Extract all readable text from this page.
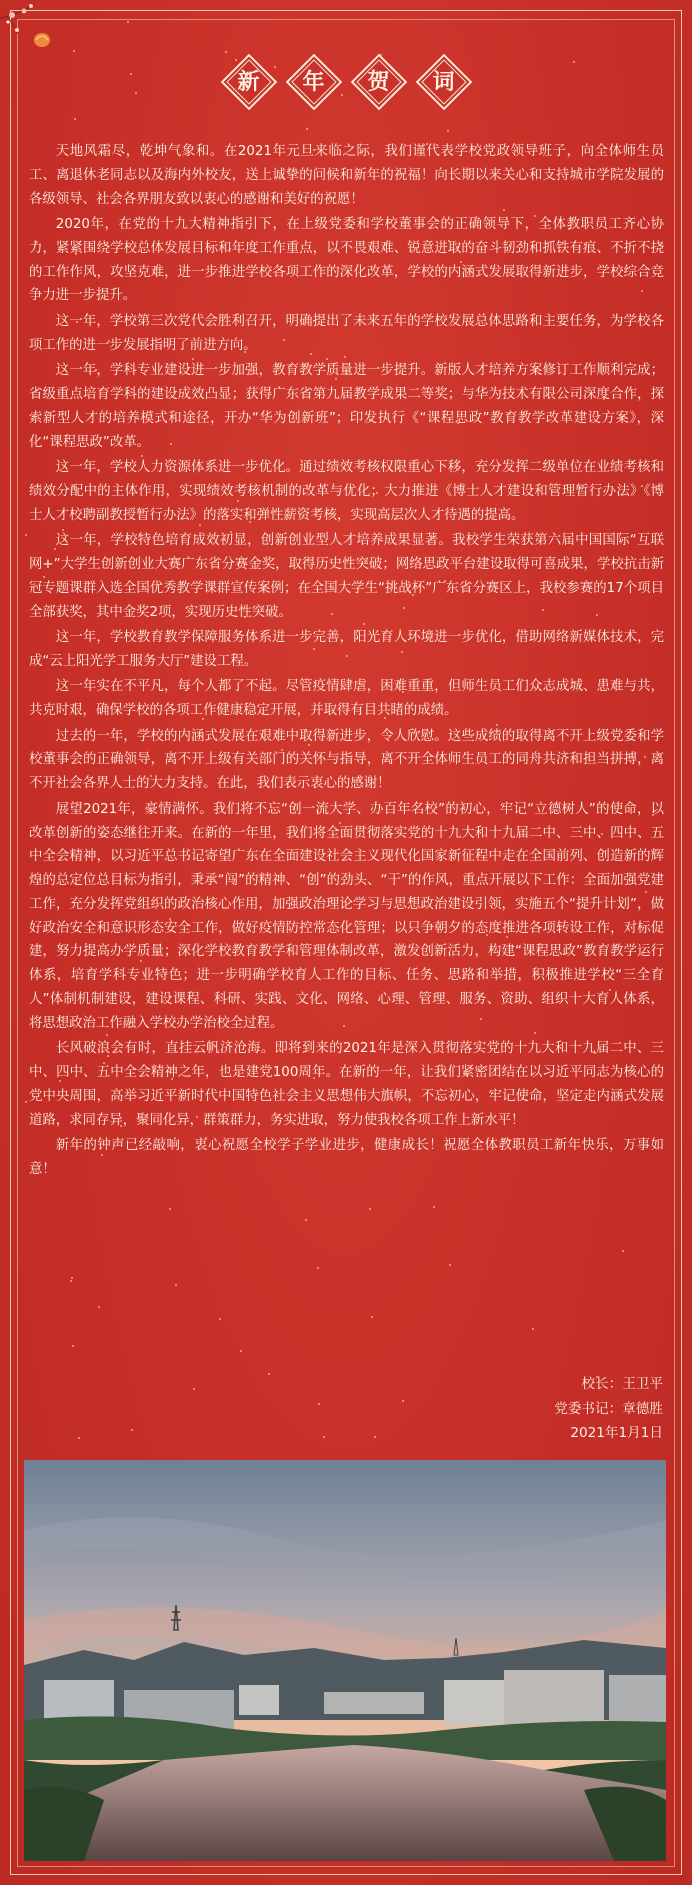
新	年	贺	词

天地风霜尽，乾坤气象和。在2021年元旦来临之际，我们谨代表学校党政领导班子，向全体师生员工、离退休老同志以及海内外校友，送上诚挚的问候和新年的祝福！向长期以来关心和支持城市学院发展的各级领导、社会各界朋友致以衷心的感谢和美好的祝愿！

2020年，在党的十九大精神指引下，在上级党委和学校董事会的正确领导下，全体教职员工齐心协力，紧紧围绕学校总体发展目标和年度工作重点，以不畏艰难、锐意进取的奋斗韧劲和抓铁有痕、不折不挠的工作作风，攻坚克难，进一步推进学校各项工作的深化改革，学校的内涵式发展取得新进步，学校综合竞争力进一步提升。

这一年，学校第三次党代会胜利召开，明确提出了未来五年的学校发展总体思路和主要任务，为学校各项工作的进一步发展指明了前进方向。

这一年，学科专业建设进一步加强，教育教学质量进一步提升。新版人才培养方案修订工作顺利完成；省级重点培育学科的建设成效凸显；获得广东省第九届教学成果二等奖；与华为技术有限公司深度合作，探索新型人才的培养模式和途径，开办“华为创新班”；印发执行《“课程思政”教育教学改革建设方案》，深化“课程思政”改革。

这一年，学校人力资源体系进一步优化。通过绩效考核权限重心下移，充分发挥二级单位在业绩考核和绩效分配中的主体作用，实现绩效考核机制的改革与优化；大力推进《博士人才建设和管理暂行办法》《博士人才校聘副教授暂行办法》的落实和弹性薪资考核，实现高层次人才待遇的提高。

这一年，学校特色培育成效初显，创新创业型人才培养成果显著。我校学生荣获第六届中国国际“互联网+”大学生创新创业大赛广东省分赛金奖，取得历史性突破；网络思政平台建设取得可喜成果，学校抗击新冠专题课群入选全国优秀教学课群宣传案例；在全国大学生“挑战杯”广东省分赛区上，我校参赛的17个项目全部获奖，其中金奖2项，实现历史性突破。

这一年，学校教育教学保障服务体系进一步完善，阳光育人环境进一步优化，借助网络新媒体技术，完成“云上阳光学工服务大厅”建设工程。

这一年实在不平凡，每个人都了不起。尽管疫情肆虐，困难重重，但师生员工们众志成城、患难与共，共克时艰，确保学校的各项工作健康稳定开展，并取得有目共睹的成绩。

过去的一年，学校的内涵式发展在艰难中取得新进步，令人欣慰。这些成绩的取得离不开上级党委和学校董事会的正确领导，离不开上级有关部门的关怀与指导，离不开全体师生员工的同舟共济和担当拼搏，离不开社会各界人士的大力支持。在此，我们表示衷心的感谢！

展望2021年，豪情满怀。我们将不忘“创一流大学、办百年名校”的初心，牢记“立德树人”的使命，以改革创新的姿态继往开来。在新的一年里，我们将全面贯彻落实党的十九大和十九届二中、三中、四中、五中全会精神，以习近平总书记寄望广东在全面建设社会主义现代化国家新征程中走在全国前列、创造新的辉煌的总定位总目标为指引，秉承“闯”的精神、“创”的劲头、“干”的作风，重点开展以下工作：全面加强党建工作，充分发挥党组织的政治核心作用，加强政治理论学习与思想政治建设引领，实施五个“提升计划”，做好政治安全和意识形态安全工作，做好疫情防控常态化管理；以只争朝夕的态度推进各项转设工作，对标促建，努力提高办学质量；深化学校教育教学和管理体制改革，激发创新活力，构建“课程思政”教育教学运行体系，培育学科专业特色；进一步明确学校育人工作的目标、任务、思路和举措，积极推进学校“三全育人”体制机制建设，建设课程、科研、实践、文化、网络、心理、管理、服务、资助、组织十大育人体系，将思想政治工作融入学校办学治校全过程。

长风破浪会有时，直挂云帆济沧海。即将到来的2021年是深入贯彻落实党的十九大和十九届二中、三中、四中、五中全会精神之年，也是建党100周年。在新的一年，让我们紧密团结在以习近平同志为核心的党中央周围，高举习近平新时代中国特色社会主义思想伟大旗帜，不忘初心，牢记使命，坚定走内涵式发展道路，求同存异，聚同化异，群策群力，务实进取，努力使我校各项工作上新水平！

新年的钟声已经敲响，衷心祝愿全校学子学业进步，健康成长！祝愿全体教职员工新年快乐，万事如意！

校长：王卫平
党委书记：章德胜
2021年1月1日
